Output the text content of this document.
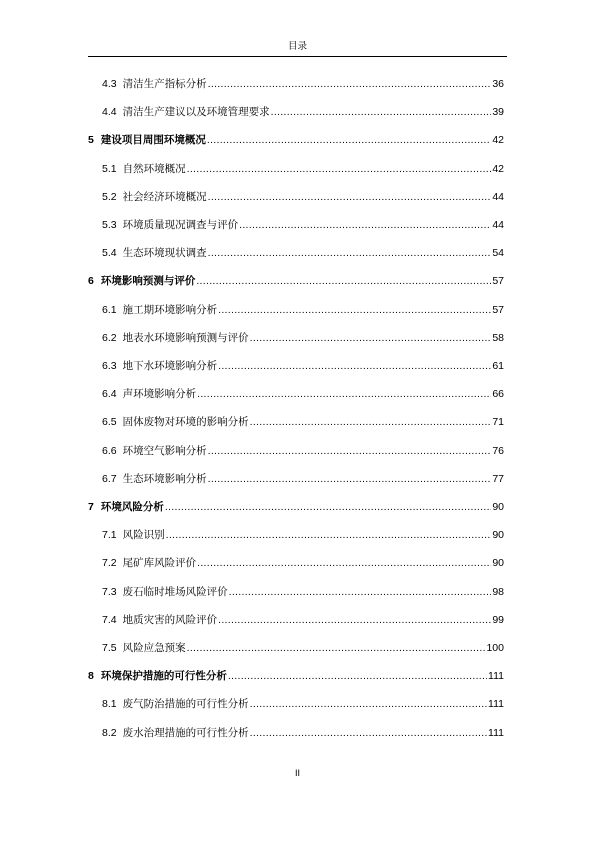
目录
4.3 清洁生产指标分析 .....	36
4.4 清洁生产建议以及环境管理要求 .....	39
5 建设项目周围环境概况 .....	42
5.1 自然环境概况 .....	42
5.2 社会经济环境概况 .....	44
5.3 环境质量现况调查与评价 .....	44
5.4 生态环境现状调查 .....	54
6 环境影响预测与评价 .....	57
6.1 施工期环境影响分析 .....	57
6.2 地表水环境影响预测与评价 .....	58
6.3 地下水环境影响分析 .....	61
6.4 声环境影响分析 .....	66
6.5 固体废物对环境的影响分析 .....	71
6.6 环境空气影响分析 .....	76
6.7 生态环境影响分析 .....	77
7 环境风险分析 .....	90
7.1 风险识别 .....	90
7.2 尾矿库风险评价 .....	90
7.3 废石临时堆场风险评价 .....	98
7.4 地质灾害的风险评价 .....	99
7.5 风险应急预案 .....	100
8 环境保护措施的可行性分析 .....	111
8.1 废气防治措施的可行性分析 .....	111
8.2 废水治理措施的可行性分析 .....	111
II
